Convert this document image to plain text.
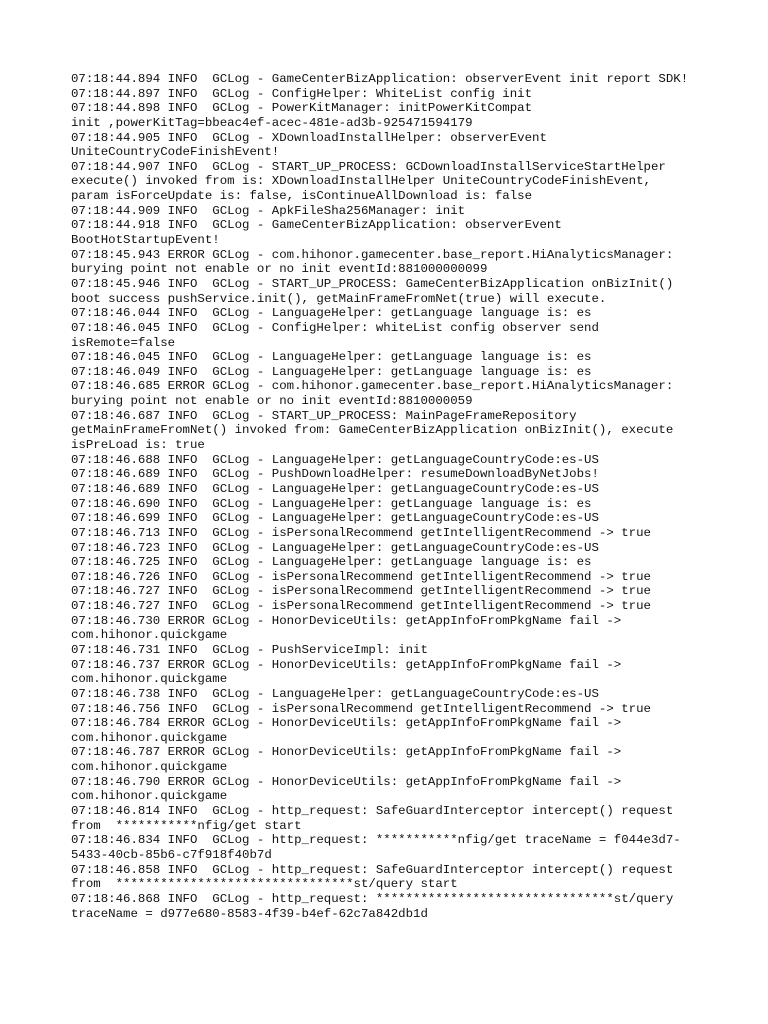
07:18:44.894 INFO  GCLog - GameCenterBizApplication: observerEvent init report SDK!
07:18:44.897 INFO  GCLog - ConfigHelper: WhiteList config init
07:18:44.898 INFO  GCLog - PowerKitManager: initPowerKitCompat
init ,powerKitTag=bbeac4ef-acec-481e-ad3b-925471594179
07:18:44.905 INFO  GCLog - XDownloadInstallHelper: observerEvent
UniteCountryCodeFinishEvent!
07:18:44.907 INFO  GCLog - START_UP_PROCESS: GCDownloadInstallServiceStartHelper
execute() invoked from is: XDownloadInstallHelper UniteCountryCodeFinishEvent,
param isForceUpdate is: false, isContinueAllDownload is: false
07:18:44.909 INFO  GCLog - ApkFileSha256Manager: init
07:18:44.918 INFO  GCLog - GameCenterBizApplication: observerEvent
BootHotStartupEvent!
07:18:45.943 ERROR GCLog - com.hihonor.gamecenter.base_report.HiAnalyticsManager:
burying point not enable or no init eventId:881000000099
07:18:45.946 INFO  GCLog - START_UP_PROCESS: GameCenterBizApplication onBizInit()
boot success pushService.init(), getMainFrameFromNet(true) will execute.
07:18:46.044 INFO  GCLog - LanguageHelper: getLanguage language is: es
07:18:46.045 INFO  GCLog - ConfigHelper: whiteList config observer send
isRemote=false
07:18:46.045 INFO  GCLog - LanguageHelper: getLanguage language is: es
07:18:46.049 INFO  GCLog - LanguageHelper: getLanguage language is: es
07:18:46.685 ERROR GCLog - com.hihonor.gamecenter.base_report.HiAnalyticsManager:
burying point not enable or no init eventId:8810000059
07:18:46.687 INFO  GCLog - START_UP_PROCESS: MainPageFrameRepository
getMainFrameFromNet() invoked from: GameCenterBizApplication onBizInit(), execute
isPreLoad is: true
07:18:46.688 INFO  GCLog - LanguageHelper: getLanguageCountryCode:es-US
07:18:46.689 INFO  GCLog - PushDownloadHelper: resumeDownloadByNetJobs!
07:18:46.689 INFO  GCLog - LanguageHelper: getLanguageCountryCode:es-US
07:18:46.690 INFO  GCLog - LanguageHelper: getLanguage language is: es
07:18:46.699 INFO  GCLog - LanguageHelper: getLanguageCountryCode:es-US
07:18:46.713 INFO  GCLog - isPersonalRecommend getIntelligentRecommend -> true
07:18:46.723 INFO  GCLog - LanguageHelper: getLanguageCountryCode:es-US
07:18:46.725 INFO  GCLog - LanguageHelper: getLanguage language is: es
07:18:46.726 INFO  GCLog - isPersonalRecommend getIntelligentRecommend -> true
07:18:46.727 INFO  GCLog - isPersonalRecommend getIntelligentRecommend -> true
07:18:46.727 INFO  GCLog - isPersonalRecommend getIntelligentRecommend -> true
07:18:46.730 ERROR GCLog - HonorDeviceUtils: getAppInfoFromPkgName fail ->
com.hihonor.quickgame
07:18:46.731 INFO  GCLog - PushServiceImpl: init
07:18:46.737 ERROR GCLog - HonorDeviceUtils: getAppInfoFromPkgName fail ->
com.hihonor.quickgame
07:18:46.738 INFO  GCLog - LanguageHelper: getLanguageCountryCode:es-US
07:18:46.756 INFO  GCLog - isPersonalRecommend getIntelligentRecommend -> true
07:18:46.784 ERROR GCLog - HonorDeviceUtils: getAppInfoFromPkgName fail ->
com.hihonor.quickgame
07:18:46.787 ERROR GCLog - HonorDeviceUtils: getAppInfoFromPkgName fail ->
com.hihonor.quickgame
07:18:46.790 ERROR GCLog - HonorDeviceUtils: getAppInfoFromPkgName fail ->
com.hihonor.quickgame
07:18:46.814 INFO  GCLog - http_request: SafeGuardInterceptor intercept() request
from  ***********nfig/get start
07:18:46.834 INFO  GCLog - http_request: ***********nfig/get traceName = f044e3d7-
5433-40cb-85b6-c7f918f40b7d
07:18:46.858 INFO  GCLog - http_request: SafeGuardInterceptor intercept() request
from  ********************************st/query start
07:18:46.868 INFO  GCLog - http_request: ********************************st/query
traceName = d977e680-8583-4f39-b4ef-62c7a842db1d
